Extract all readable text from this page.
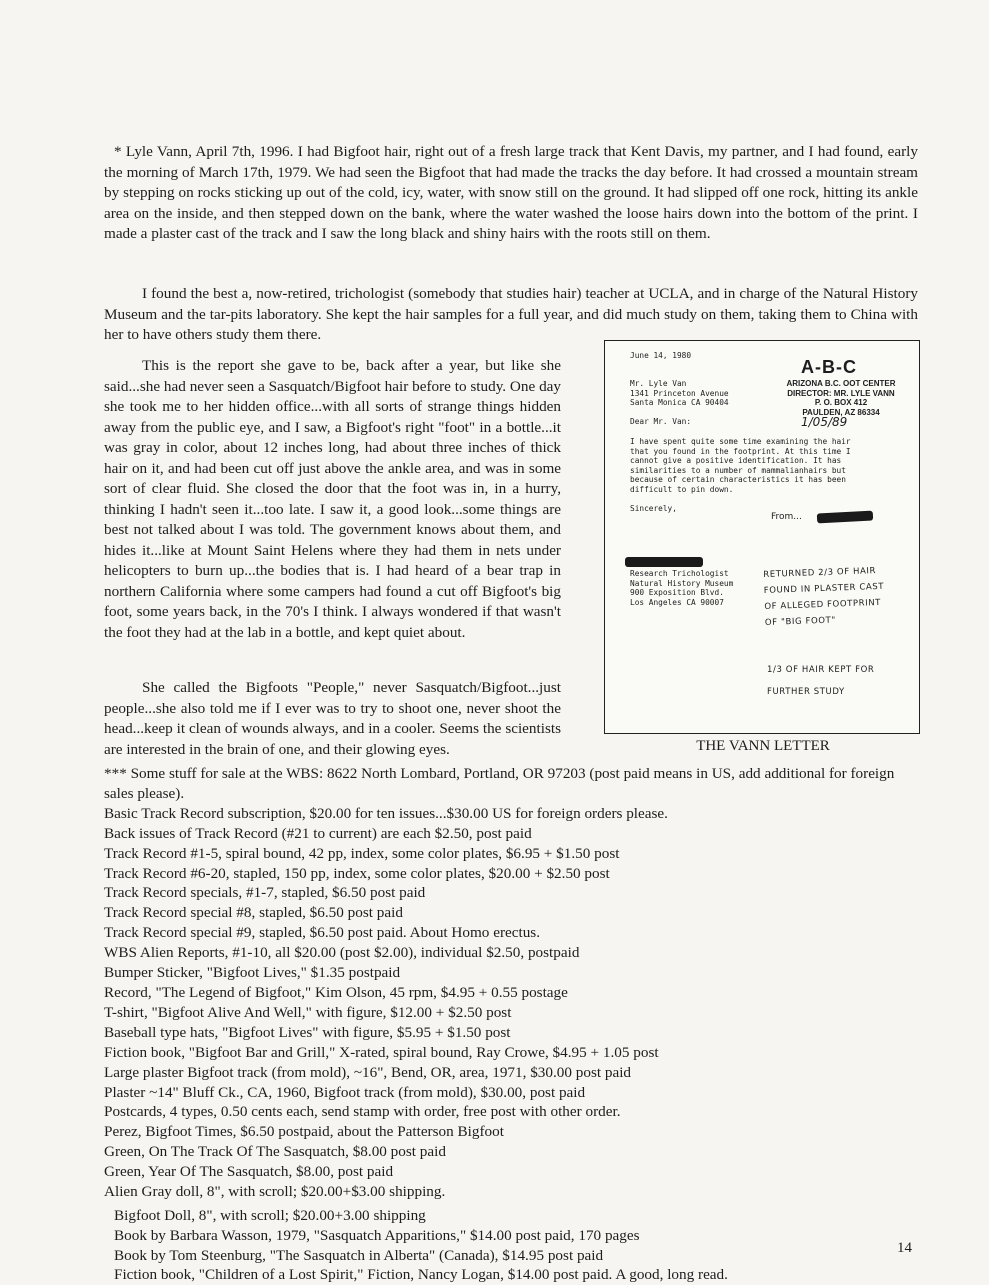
* Lyle Vann, April 7th, 1996. I had Bigfoot hair, right out of a fresh large track that Kent Davis, my partner, and I had found, early the morning of March 17th, 1979. We had seen the Bigfoot that had made the tracks the day before. It had crossed a mountain stream by stepping on rocks sticking up out of the cold, icy, water, with snow still on the ground. It had slipped off one rock, hitting its ankle area on the inside, and then stepped down on the bank, where the water washed the loose hairs down into the bottom of the print. I made a plaster cast of the track and I saw the long black and shiny hairs with the roots still on them.

I found the best a, now-retired, trichologist (somebody that studies hair) teacher at UCLA, and in charge of the Natural History Museum and the tar-pits laboratory. She kept the hair samples for a full year, and did much study on them, taking them to China with her to have others study them there.

This is the report she gave to be, back after a year, but like she said...she had never seen a Sasquatch/Bigfoot hair before to study. One day she took me to her hidden office...with all sorts of strange things hidden away from the public eye, and I saw, a Bigfoot's right "foot" in a bottle...it was gray in color, about 12 inches long, had about three inches of thick hair on it, and had been cut off just above the ankle area, and was in some sort of clear fluid. She closed the door that the foot was in, in a hurry, thinking I hadn't seen it...too late. I saw it, a good look...some things are best not talked about I was told. The government knows about them, and hides it...like at Mount Saint Helens where they had them in nets under helicopters to burn up...the bodies that is. I had heard of a bear trap in northern California where some campers had found a cut off Bigfoot's big foot, some years back, in the 70's I think. I always wondered if that wasn't the foot they had at the lab in a bottle, and kept quiet about.

She called the Bigfoots "People," never Sasquatch/Bigfoot...just people...she also told me if I ever was to try to shoot one, never shoot the head...keep it clean of wounds always, and in a cooler. Seems the scientists are interested in the brain of one, and their glowing eyes.

June 14, 1980

A-B-C

ARIZONA B.C. OOT CENTER
DIRECTOR: MR. LYLE VANN
P. O. BOX 412
PAULDEN, AZ 86334
Mr. Lyle Van
1341 Princeton Avenue
Santa Monica CA 90404

Dear Mr. Van:	1/05/89

I have spent quite some time examining the hair that you found in the footprint. At this time I cannot give a positive identification. It has similarities to a number of mammalianhairs but because of certain characteristics it has been difficult to pin down.

Sincerely,

From...

Research Trichologist
Natural History Museum
900 Exposition Blvd.
Los Angeles CA 90007
RETURNED 2/3 OF HAIR
FOUND IN PLASTER CAST
OF ALLEGED FOOTPRINT
OF "BIG FOOT"
1/3 OF HAIR KEPT FOR
FURTHER STUDY

THE VANN LETTER

*** Some stuff for sale at the WBS: 8622 North Lombard, Portland, OR 97203 (post paid means in US, add additional for foreign sales please).
Basic Track Record subscription, $20.00 for ten issues...$30.00 US for foreign orders please.
Back issues of Track Record (#21 to current) are each $2.50, post paid
Track Record #1-5, spiral bound, 42 pp, index, some color plates, $6.95 + $1.50 post
Track Record #6-20, stapled, 150 pp, index, some color plates, $20.00 + $2.50 post
Track Record specials, #1-7, stapled, $6.50 post paid
Track Record special #8, stapled, $6.50 post paid
Track Record special #9, stapled, $6.50 post paid. About Homo erectus.
WBS Alien Reports, #1-10, all $20.00 (post $2.00), individual $2.50, postpaid
Bumper Sticker, "Bigfoot Lives," $1.35 postpaid
Record, "The Legend of Bigfoot," Kim Olson, 45 rpm, $4.95 + 0.55 postage
T-shirt, "Bigfoot Alive And Well," with figure, $12.00 + $2.50 post
Baseball type hats, "Bigfoot Lives" with figure, $5.95 + $1.50 post
Fiction book, "Bigfoot Bar and Grill," X-rated, spiral bound, Ray Crowe, $4.95 + 1.05 post
Large plaster Bigfoot track (from mold), ~16", Bend, OR, area, 1971, $30.00 post paid
Plaster ~14" Bluff Ck., CA, 1960, Bigfoot track (from mold), $30.00, post paid
Postcards, 4 types, 0.50 cents each, send stamp with order, free post with other order.
Perez, Bigfoot Times, $6.50 postpaid, about the Patterson Bigfoot
Green, On The Track Of The Sasquatch, $8.00 post paid
Green, Year Of The Sasquatch, $8.00, post paid
Alien Gray doll, 8", with scroll; $20.00+$3.00 shipping.
Bigfoot Doll, 8", with scroll; $20.00+3.00 shipping
Book by Barbara Wasson, 1979, "Sasquatch Apparitions," $14.00 post paid, 170 pages
Book by Tom Steenburg, "The Sasquatch in Alberta" (Canada), $14.95 post paid
Fiction book, "Children of a Lost Spirit," Fiction, Nancy Logan, $14.00 post paid. A good, long read.

14
